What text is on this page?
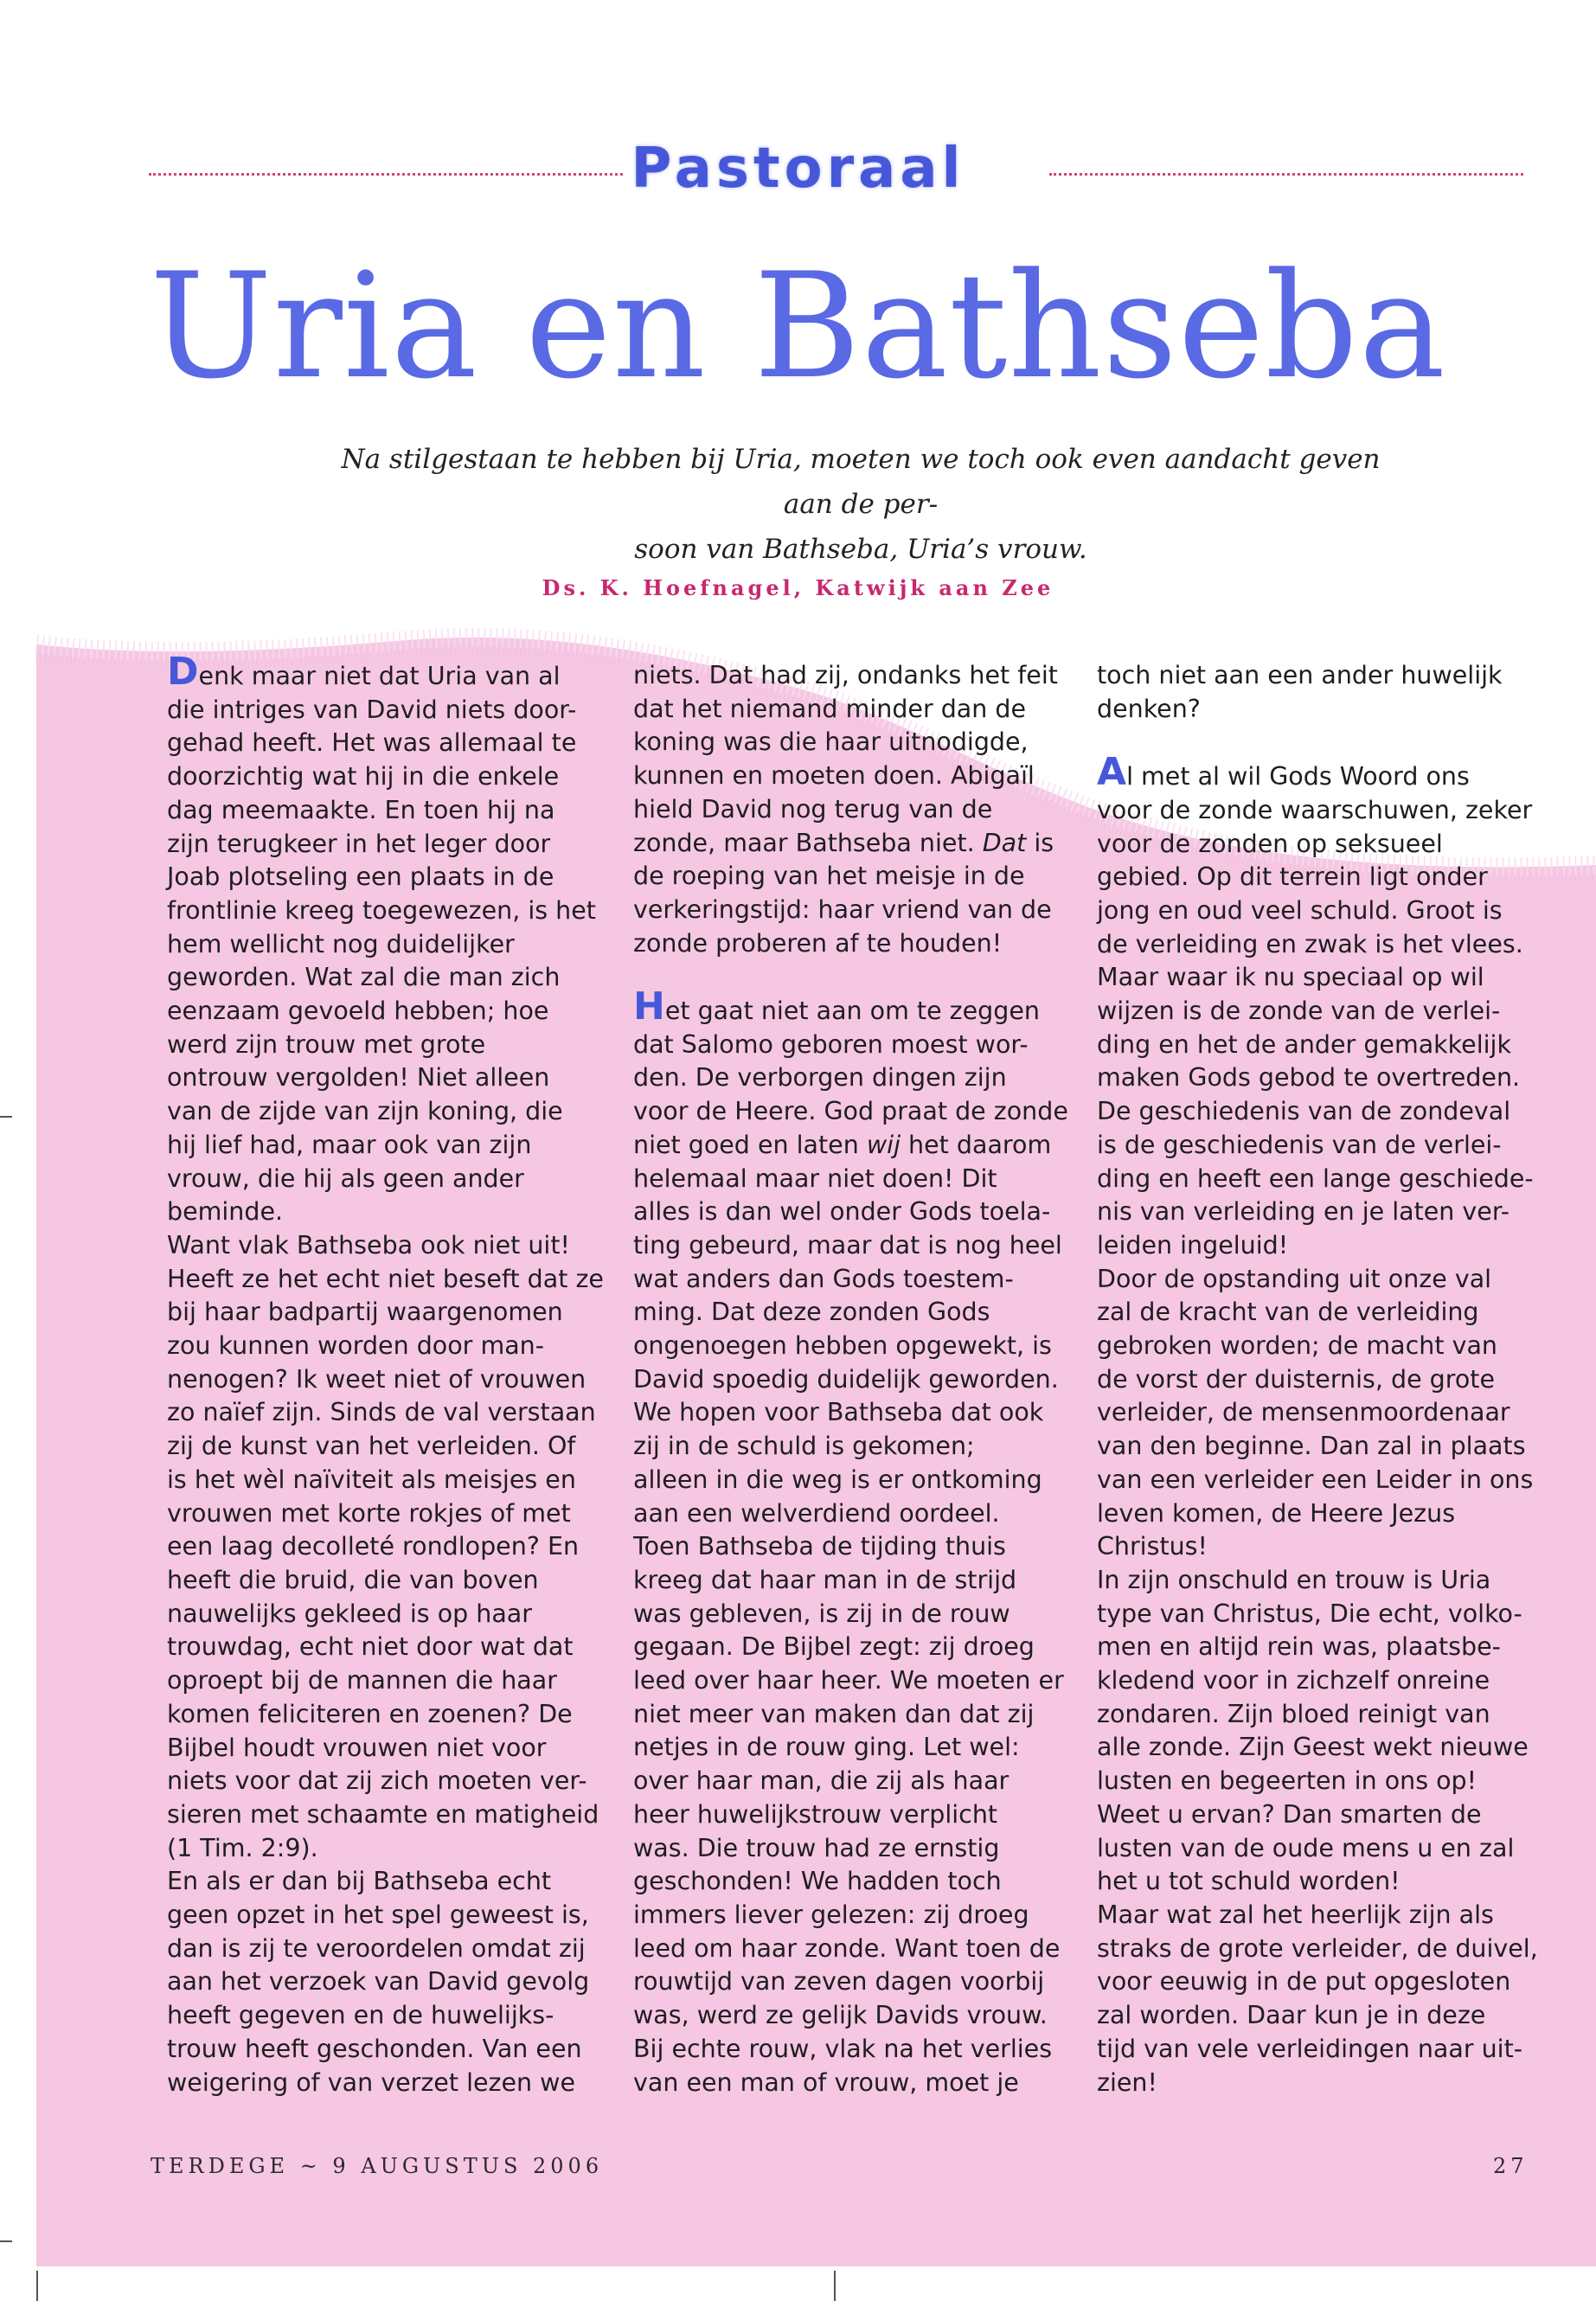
Pastoraal
Uria en Bathseba
Na stilgestaan te hebben bij Uria, moeten we toch ook even aandacht geven aan de per-
soon van Bathseba, Uria’s vrouw.
Ds. K. Hoefnagel, Katwijk aan Zee

Denk maar niet dat Uria van al

die intriges van David niets door-

gehad heeft. Het was allemaal te

doorzichtig wat hij in die enkele

dag meemaakte. En toen hij na

zijn terugkeer in het leger door

Joab plotseling een plaats in de

frontlinie kreeg toegewezen, is het

hem wellicht nog duidelijker

geworden. Wat zal die man zich

eenzaam gevoeld hebben; hoe

werd zijn trouw met grote

ontrouw vergolden! Niet alleen

van de zijde van zijn koning, die

hij lief had, maar ook van zijn

vrouw, die hij als geen ander

beminde.

Want vlak Bathseba ook niet uit!

Heeft ze het echt niet beseft dat ze

bij haar badpartij waargenomen

zou kunnen worden door man-

nenogen? Ik weet niet of vrouwen

zo naïef zijn. Sinds de val verstaan

zij de kunst van het verleiden. Of

is het wèl naïviteit als meisjes en

vrouwen met korte rokjes of met

een laag decolleté rondlopen? En

heeft die bruid, die van boven

nauwelijks gekleed is op haar

trouwdag, echt niet door wat dat

oproept bij de mannen die haar

komen feliciteren en zoenen? De

Bijbel houdt vrouwen niet voor

niets voor dat zij zich moeten ver-

sieren met schaamte en matigheid

(1 Tim. 2:9).

En als er dan bij Bathseba echt

geen opzet in het spel geweest is,

dan is zij te veroordelen omdat zij

aan het verzoek van David gevolg

heeft gegeven en de huwelijks-

trouw heeft geschonden. Van een

weigering of van verzet lezen we

niets. Dat had zij, ondanks het feit

dat het niemand minder dan de

koning was die haar uitnodigde,

kunnen en moeten doen. Abigaïl

hield David nog terug van de

zonde, maar Bathseba niet. Dat is

de roeping van het meisje in de

verkeringstijd: haar vriend van de

zonde proberen af te houden!

Het gaat niet aan om te zeggen

dat Salomo geboren moest wor-

den. De verborgen dingen zijn

voor de Heere. God praat de zonde

niet goed en laten wij het daarom

helemaal maar niet doen! Dit

alles is dan wel onder Gods toela-

ting gebeurd, maar dat is nog heel

wat anders dan Gods toestem-

ming. Dat deze zonden Gods

ongenoegen hebben opgewekt, is

David spoedig duidelijk geworden.

We hopen voor Bathseba dat ook

zij in de schuld is gekomen;

alleen in die weg is er ontkoming

aan een welverdiend oordeel.

Toen Bathseba de tijding thuis

kreeg dat haar man in de strijd

was gebleven, is zij in de rouw

gegaan. De Bijbel zegt: zij droeg

leed over haar heer. We moeten er

niet meer van maken dan dat zij

netjes in de rouw ging. Let wel:

over haar man, die zij als haar

heer huwelijkstrouw verplicht

was. Die trouw had ze ernstig

geschonden! We hadden toch

immers liever gelezen: zij droeg

leed om haar zonde. Want toen de

rouwtijd van zeven dagen voorbij

was, werd ze gelijk Davids vrouw.

Bij echte rouw, vlak na het verlies

van een man of vrouw, moet je

toch niet aan een ander huwelijk

denken?

Al met al wil Gods Woord ons

voor de zonde waarschuwen, zeker

voor de zonden op seksueel

gebied. Op dit terrein ligt onder

jong en oud veel schuld. Groot is

de verleiding en zwak is het vlees.

Maar waar ik nu speciaal op wil

wijzen is de zonde van de verlei-

ding en het de ander gemakkelijk

maken Gods gebod te overtreden.

De geschiedenis van de zondeval

is de geschiedenis van de verlei-

ding en heeft een lange geschiede-

nis van verleiding en je laten ver-

leiden ingeluid!

Door de opstanding uit onze val

zal de kracht van de verleiding

gebroken worden; de macht van

de vorst der duisternis, de grote

verleider, de mensenmoordenaar

van den beginne. Dan zal in plaats

van een verleider een Leider in ons

leven komen, de Heere Jezus

Christus!

In zijn onschuld en trouw is Uria

type van Christus, Die echt, volko-

men en altijd rein was, plaatsbe-

kledend voor in zichzelf onreine

zondaren. Zijn bloed reinigt van

alle zonde. Zijn Geest wekt nieuwe

lusten en begeerten in ons op!

Weet u ervan? Dan smarten de

lusten van de oude mens u en zal

het u tot schuld worden!

Maar wat zal het heerlijk zijn als

straks de grote verleider, de duivel,

voor eeuwig in de put opgesloten

zal worden. Daar kun je in deze

tijd van vele verleidingen naar uit-

zien!

TERDEGE ~ 9 AUGUSTUS 2006	27
